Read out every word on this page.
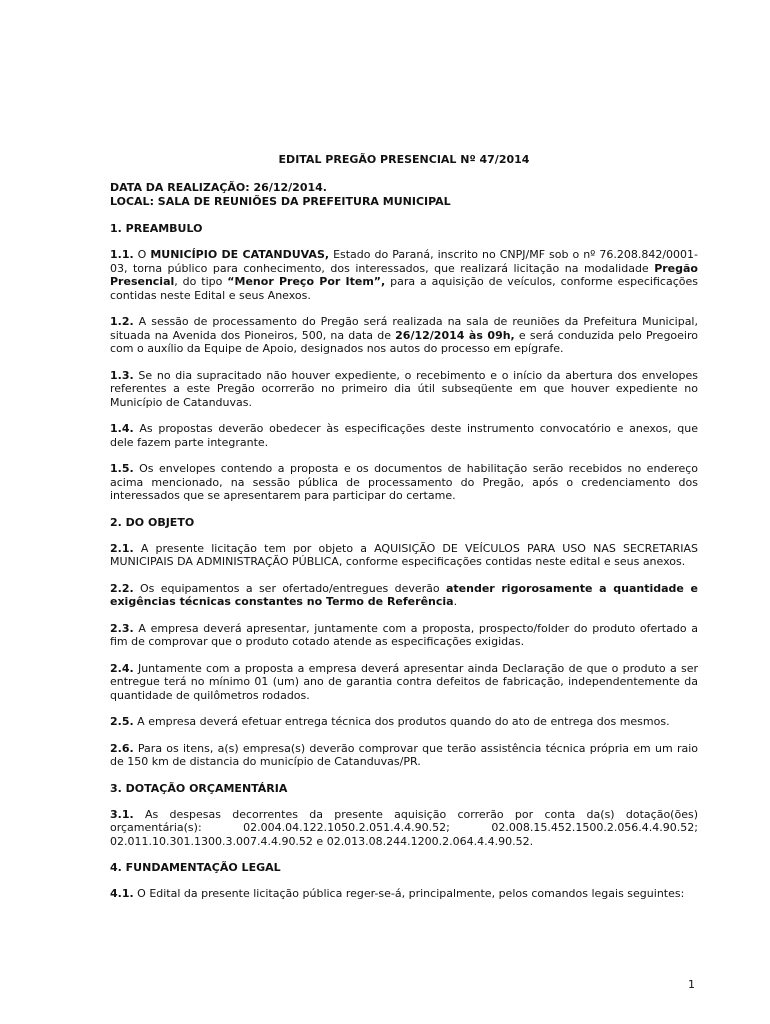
EDITAL PREGÃO PRESENCIAL Nº 47/2014
DATA DA REALIZAÇÃO: 26/12/2014.
LOCAL: SALA DE REUNIÕES DA PREFEITURA MUNICIPAL
1. PREAMBULO

1.1. O MUNICÍPIO DE CATANDUVAS, Estado do Paraná, inscrito no CNPJ/MF sob o nº 76.208.842/0001-03, torna público para conhecimento, dos interessados, que realizará licitação na modalidade Pregão Presencial, do tipo “Menor Preço Por Item”, para a aquisição de veículos, conforme especificações contidas neste Edital e seus Anexos.

1.2. A sessão de processamento do Pregão será realizada na sala de reuniões da Prefeitura Municipal, situada na Avenida dos Pioneiros, 500, na data de 26/12/2014 às 09h, e será conduzida pelo Pregoeiro com o auxílio da Equipe de Apoio, designados nos autos do processo em epígrafe.

1.3. Se no dia supracitado não houver expediente, o recebimento e o início da abertura dos envelopes referentes a este Pregão ocorrerão no primeiro dia útil subseqüente em que houver expediente no Município de Catanduvas.

1.4. As propostas deverão obedecer às especificações deste instrumento convocatório e anexos, que dele fazem parte integrante.

1.5. Os envelopes contendo a proposta e os documentos de habilitação serão recebidos no endereço acima mencionado, na sessão pública de processamento do Pregão, após o credenciamento dos interessados que se apresentarem para participar do certame.

2. DO OBJETO

2.1. A presente licitação tem por objeto a AQUISIÇÃO DE VEÍCULOS PARA USO NAS SECRETARIAS MUNICIPAIS DA ADMINISTRAÇÃO PÚBLICA, conforme especificações contidas neste edital e seus anexos.

2.2. Os equipamentos a ser ofertado/entregues deverão atender rigorosamente a quantidade e exigências técnicas constantes no Termo de Referência.

2.3. A empresa deverá apresentar, juntamente com a proposta, prospecto/folder do produto ofertado a fim de comprovar que o produto cotado atende as especificações exigidas.

2.4. Juntamente com a proposta a empresa deverá apresentar ainda Declaração de que o produto a ser entregue terá no mínimo 01 (um) ano de garantia contra defeitos de fabricação, independentemente da quantidade de quilômetros rodados.

2.5. A empresa deverá efetuar entrega técnica dos produtos quando do ato de entrega dos mesmos.

2.6. Para os itens, a(s) empresa(s) deverão comprovar que terão assistência técnica própria em um raio de 150 km de distancia do município de Catanduvas/PR.

3. DOTAÇÃO ORÇAMENTÁRIA

3.1. As despesas decorrentes da presente aquisição correrão por conta da(s) dotação(ões) orçamentária(s): 02.004.04.122.1050.2.051.4.4.90.52; 02.008.15.452.1500.2.056.4.4.90.52; 02.011.10.301.1300.3.007.4.4.90.52 e 02.013.08.244.1200.2.064.4.4.90.52.

4. FUNDAMENTAÇÃO LEGAL

4.1. O Edital da presente licitação pública reger-se-á, principalmente, pelos comandos legais seguintes:

1
